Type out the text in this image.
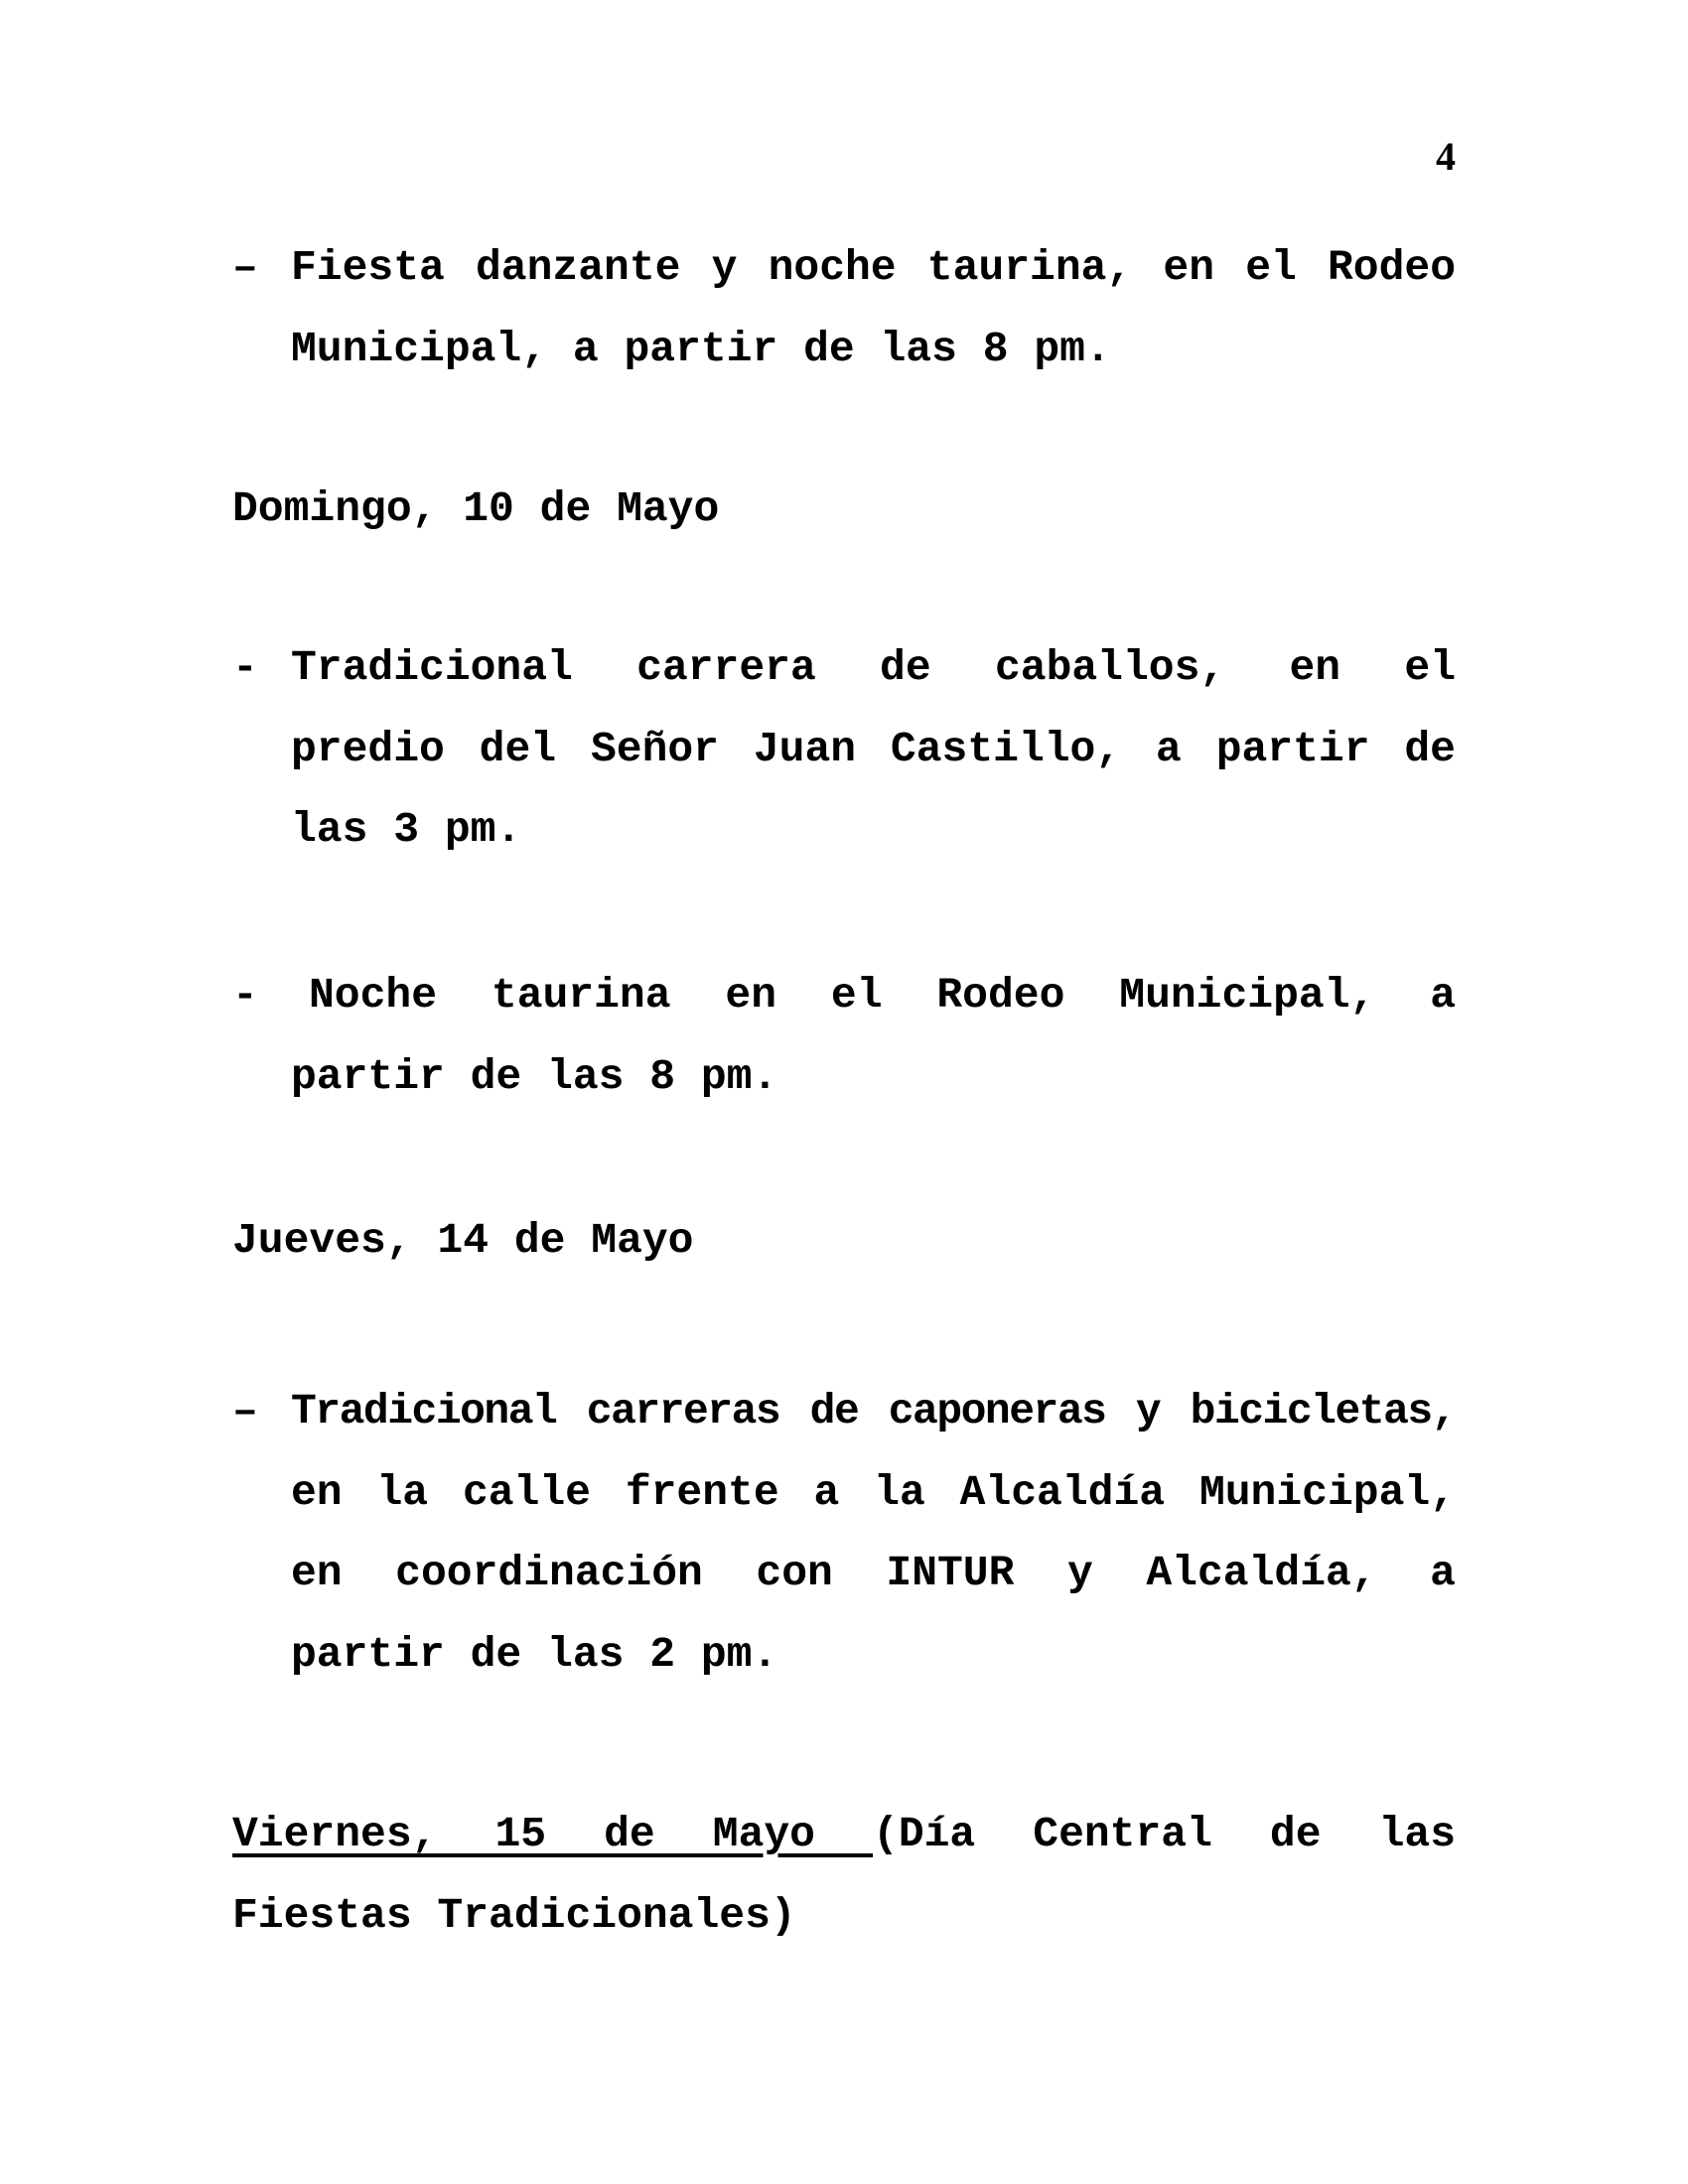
4
– Fiesta danzante y noche taurina, en el Rodeo
Municipal, a partir de las 8 pm.
Domingo, 10 de Mayo
- Tradicional carrera de caballos, en el
predio del Señor Juan Castillo, a partir de
las 3 pm.
-	Noche taurina en el Rodeo Municipal, a
partir de las 8 pm.
Jueves, 14 de Mayo
– Tradicional carreras de caponeras y bicicletas,
en la calle frente a la Alcaldía Municipal,
en coordinación con INTUR y Alcaldía, a
partir de las 2 pm.
Viernes, 15 de Mayo (Día Central de las
Fiestas Tradicionales)
